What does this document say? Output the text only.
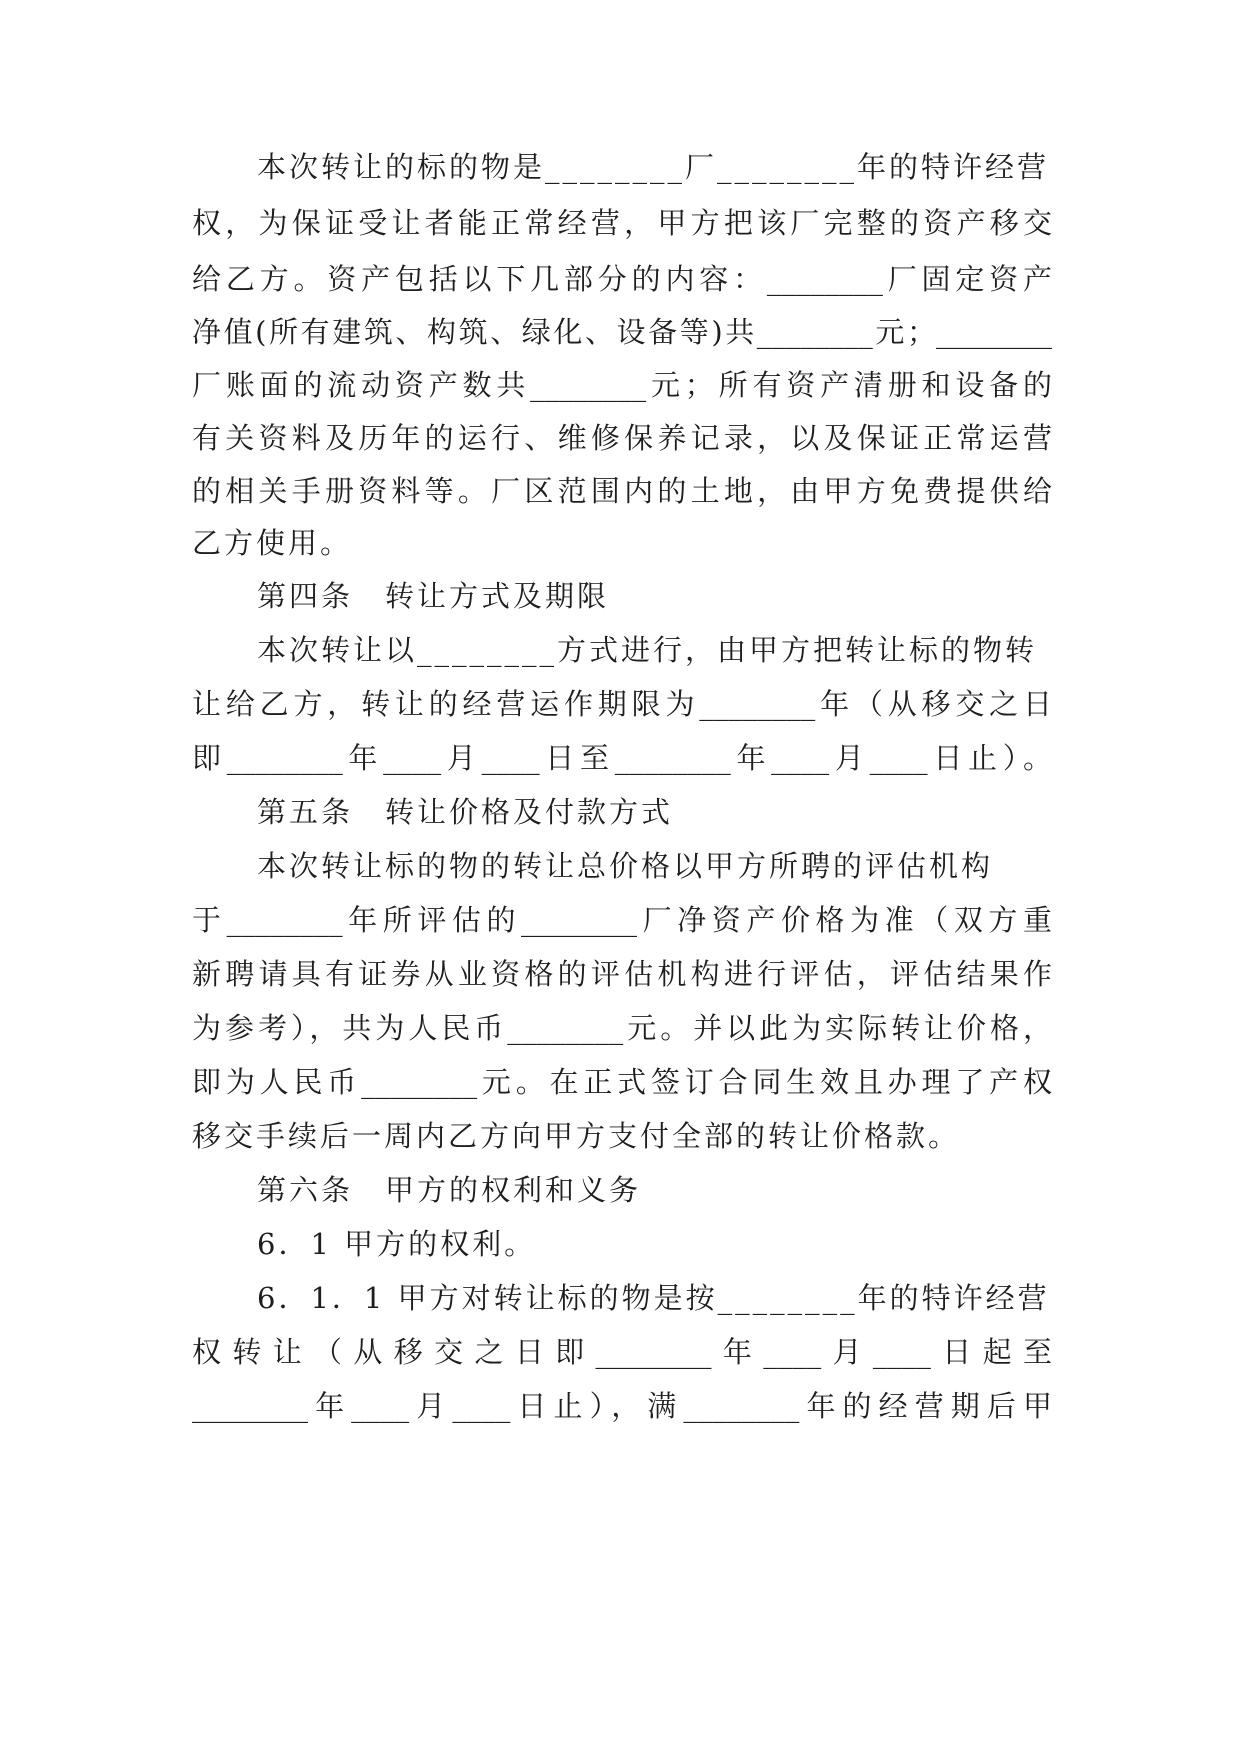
本次转让的标的物是________厂________年的特许经营
权，为保证受让者能正常经营，甲方把该厂完整的资产移交
给乙方。资产包括以下几部分的内容：________厂固定资产
净值(所有建筑、构筑、绿化、设备等)共________元；________
厂账面的流动资产数共________元；所有资产清册和设备的
有关资料及历年的运行、维修保养记录，以及保证正常运营
的相关手册资料等。厂区范围内的土地，由甲方免费提供给
乙方使用。
第四条　转让方式及期限
本次转让以________方式进行，由甲方把转让标的物转
让给乙方，转让的经营运作期限为________年（从移交之日
即________年____月____日至________年____月____日止）。
第五条　转让价格及付款方式
本次转让标的物的转让总价格以甲方所聘的评估机构
于________年所评估的________厂净资产价格为准（双方重
新聘请具有证券从业资格的评估机构进行评估，评估结果作
为参考），共为人民币________元。并以此为实际转让价格，
即为人民币________元。在正式签订合同生效且办理了产权
移交手续后一周内乙方向甲方支付全部的转让价格款。
第六条　甲方的权利和义务
6．1 甲方的权利。
6．1．1 甲方对转让标的物是按________年的特许经营
权转让（从移交之日即________年____月____日起至
________年____月____日止），满________年的经营期后甲
